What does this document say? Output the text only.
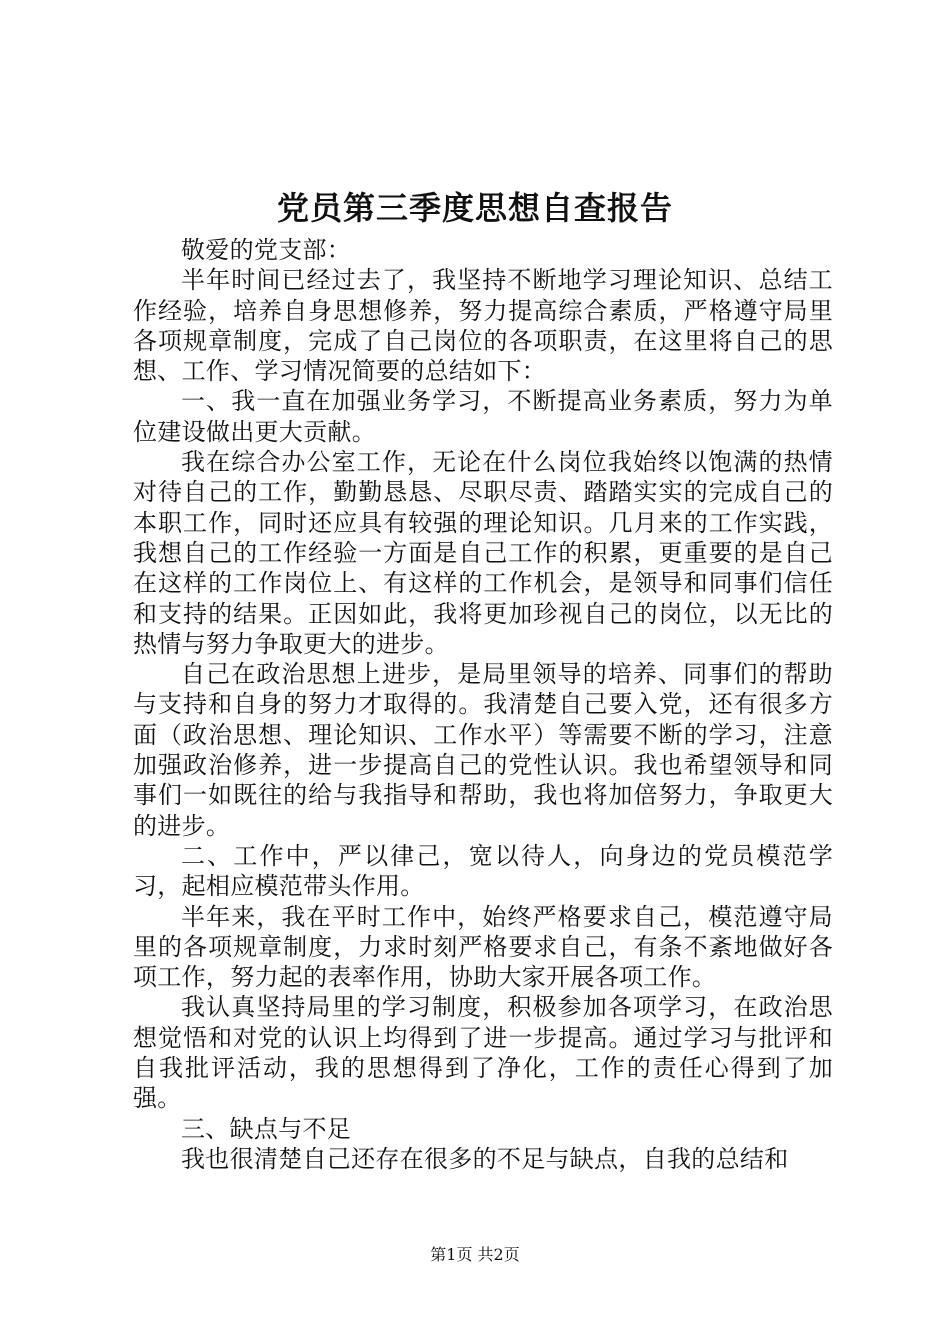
党员第三季度思想自查报告

敬爱的党支部：

半年时间已经过去了，我坚持不断地学习理论知识、总结工作经验，培养自身思想修养，努力提高综合素质，严格遵守局里各项规章制度，完成了自己岗位的各项职责，在这里将自己的思想、工作、学习情况简要的总结如下：

一、我一直在加强业务学习，不断提高业务素质，努力为单位建设做出更大贡献。

我在综合办公室工作，无论在什么岗位我始终以饱满的热情对待自己的工作，勤勤恳恳、尽职尽责、踏踏实实的完成自己的本职工作，同时还应具有较强的理论知识。几月来的工作实践，我想自己的工作经验一方面是自己工作的积累，更重要的是自己在这样的工作岗位上、有这样的工作机会，是领导和同事们信任和支持的结果。正因如此，我将更加珍视自己的岗位，以无比的热情与努力争取更大的进步。

自己在政治思想上进步，是局里领导的培养、同事们的帮助与支持和自身的努力才取得的。我清楚自己要入党，还有很多方面（政治思想、理论知识、工作水平）等需要不断的学习，注意加强政治修养，进一步提高自己的党性认识。我也希望领导和同事们一如既往的给与我指导和帮助，我也将加倍努力，争取更大的进步。

二、工作中，严以律己，宽以待人，向身边的党员模范学习，起相应模范带头作用。

半年来，我在平时工作中，始终严格要求自己，模范遵守局里的各项规章制度，力求时刻严格要求自己，有条不紊地做好各项工作，努力起的表率作用，协助大家开展各项工作。

我认真坚持局里的学习制度，积极参加各项学习，在政治思想觉悟和对党的认识上均得到了进一步提高。通过学习与批评和自我批评活动，我的思想得到了净化，工作的责任心得到了加强。

三、缺点与不足

我也很清楚自己还存在很多的不足与缺点，自我的总结和

第1页 共2页
